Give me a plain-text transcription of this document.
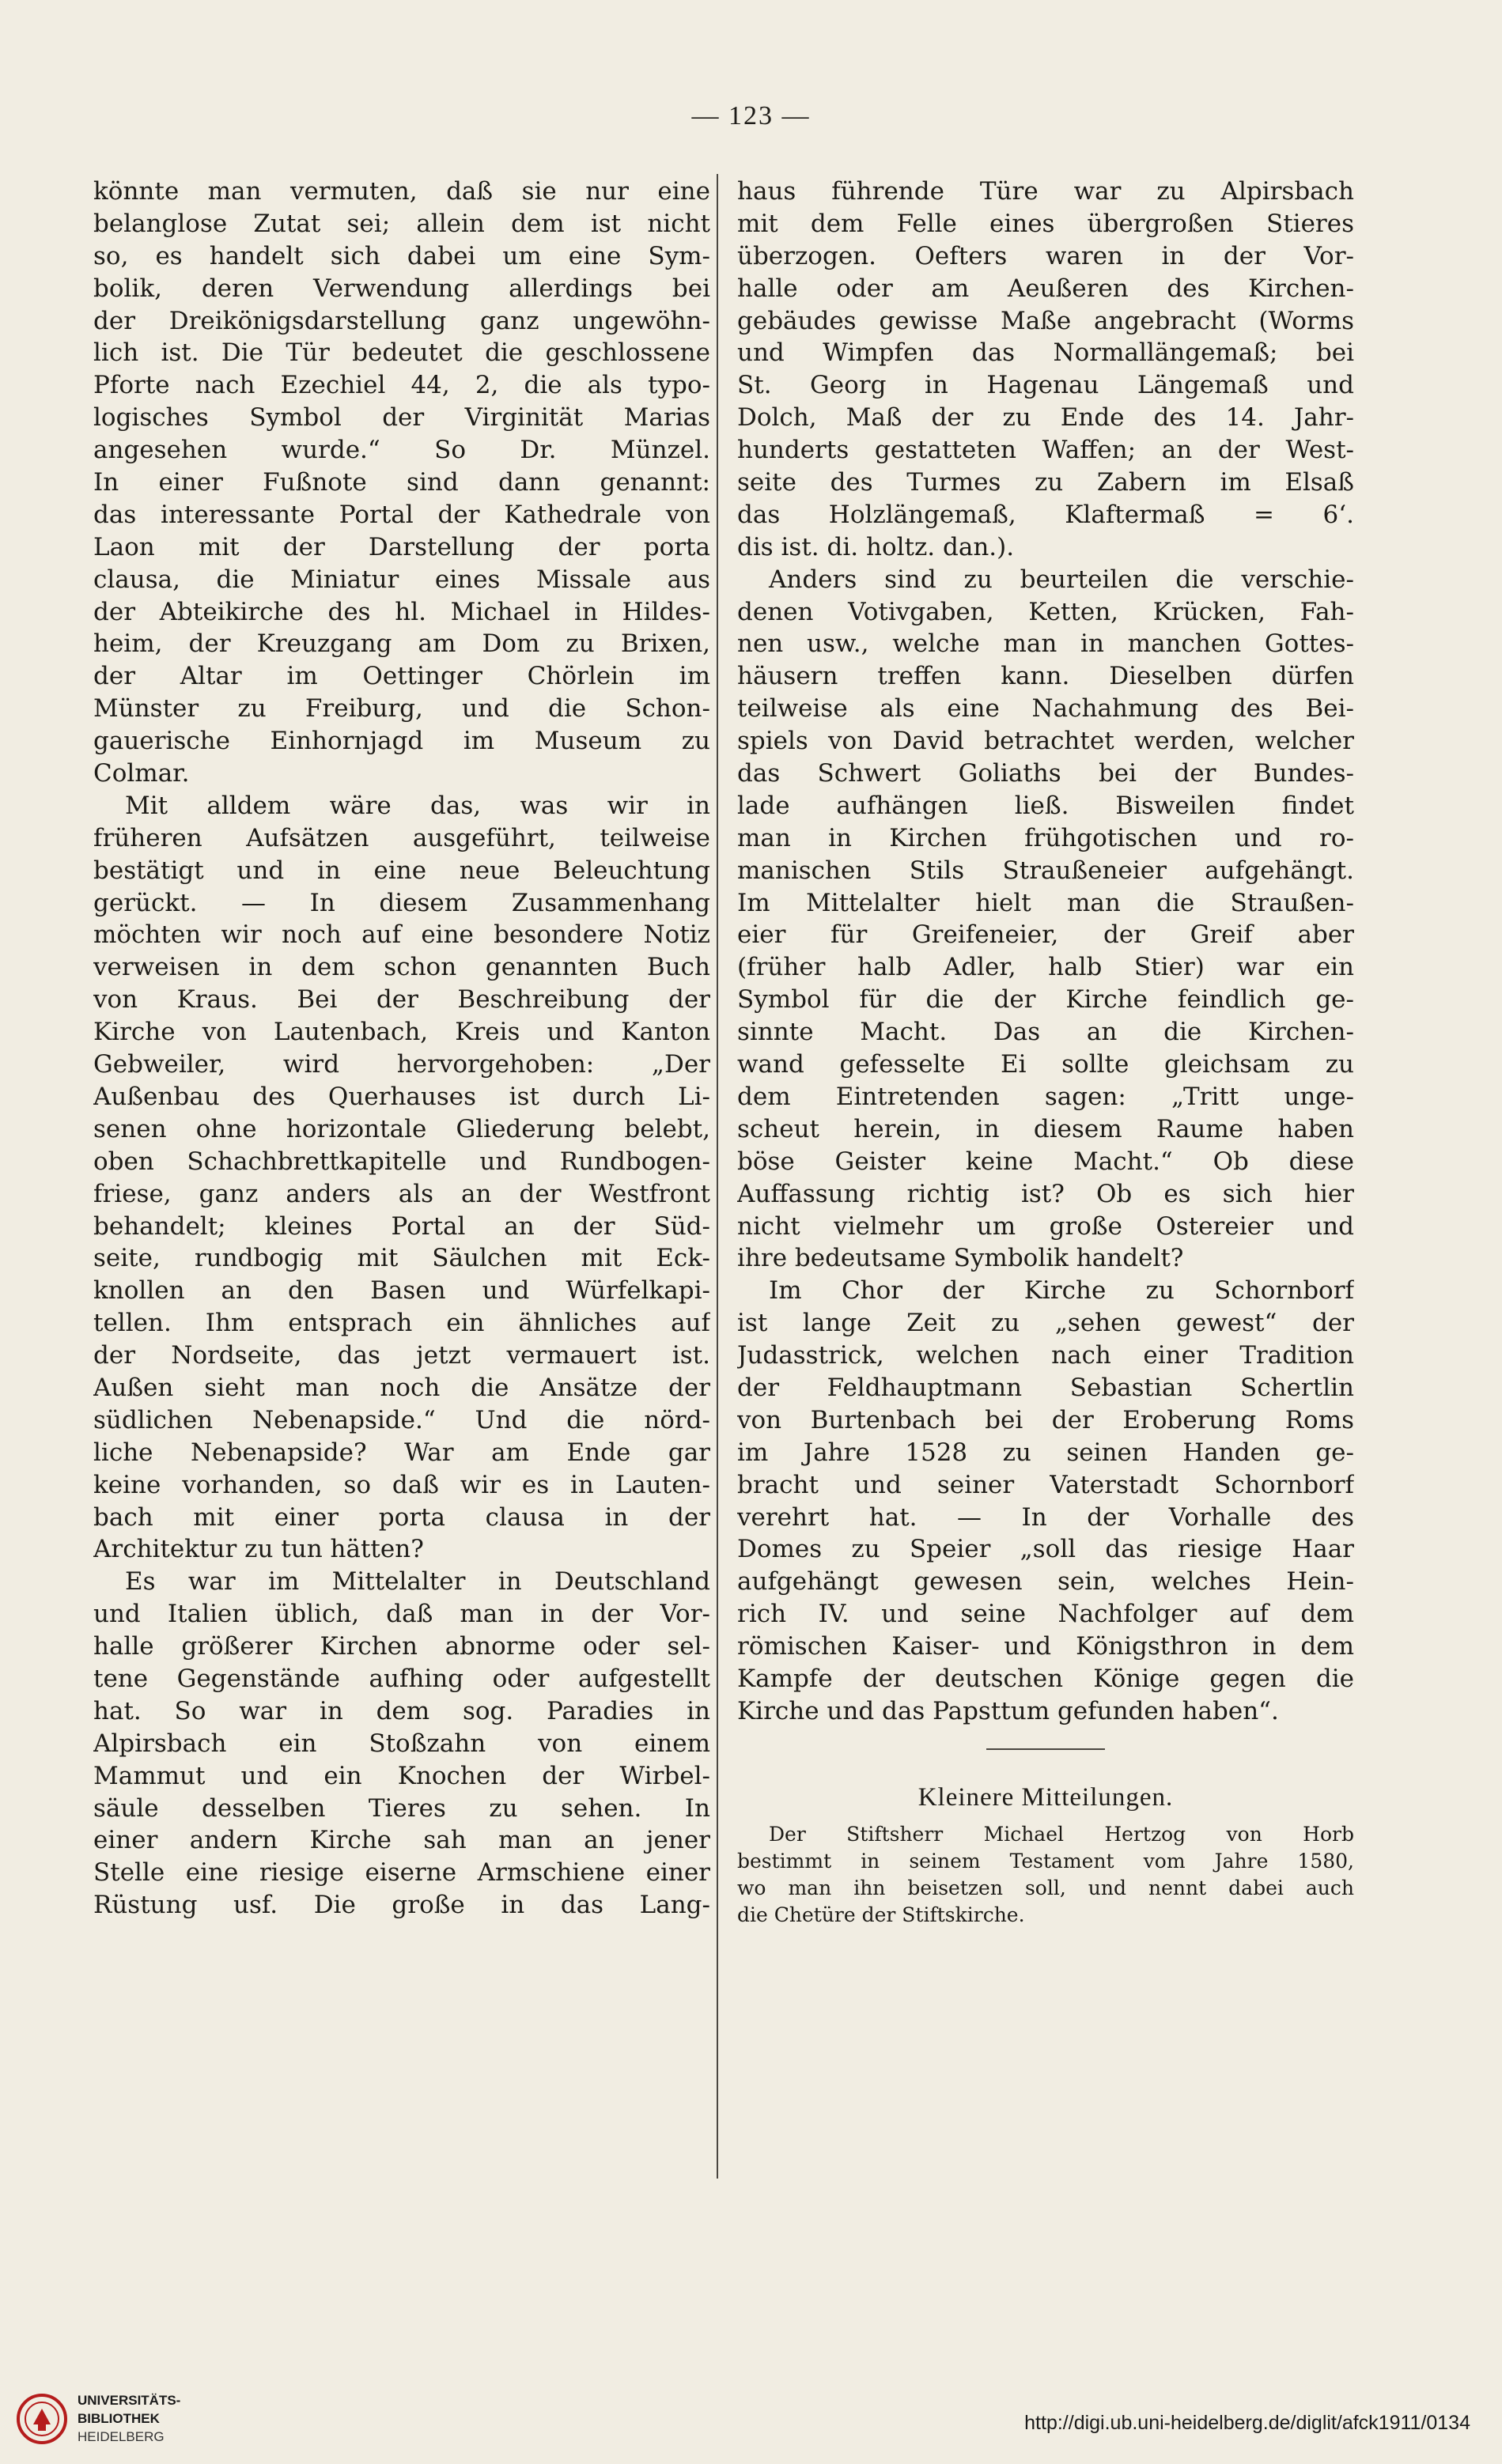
— 123 —
könnte man vermuten, daß sie nur eine
belanglose Zutat sei; allein dem ist nicht
so, es handelt sich dabei um eine Sym-
bolik, deren Verwendung allerdings bei
der Dreikönigsdarstellung ganz ungewöhn-
lich ist. Die Tür bedeutet die geschlossene
Pforte nach Ezechiel 44, 2, die als typo-
logisches Symbol der Virginität Marias
angesehen wurde.“ So Dr. Münzel.
In einer Fußnote sind dann genannt:
das interessante Portal der Kathedrale von
Laon mit der Darstellung der porta
clausa, die Miniatur eines Missale aus
der Abteikirche des hl. Michael in Hildes-
heim, der Kreuzgang am Dom zu Brixen,
der Altar im Oettinger Chörlein im
Münster zu Freiburg, und die Schon-
gauerische Einhornjagd im Museum zu
Colmar.
Mit alldem wäre das, was wir in
früheren Aufsätzen ausgeführt, teilweise
bestätigt und in eine neue Beleuchtung
gerückt. — In diesem Zusammenhang
möchten wir noch auf eine besondere Notiz
verweisen in dem schon genannten Buch
von Kraus. Bei der Beschreibung der
Kirche von Lautenbach, Kreis und Kanton
Gebweiler, wird hervorgehoben: „Der
Außenbau des Querhauses ist durch Li-
senen ohne horizontale Gliederung belebt,
oben Schachbrettkapitelle und Rundbogen-
friese, ganz anders als an der Westfront
behandelt; kleines Portal an der Süd-
seite, rundbogig mit Säulchen mit Eck-
knollen an den Basen und Würfelkapi-
tellen. Ihm entsprach ein ähnliches auf
der Nordseite, das jetzt vermauert ist.
Außen sieht man noch die Ansätze der
südlichen Nebenapside.“ Und die nörd-
liche Nebenapside? War am Ende gar
keine vorhanden, so daß wir es in Lauten-
bach mit einer porta clausa in der
Architektur zu tun hätten?
Es war im Mittelalter in Deutschland
und Italien üblich, daß man in der Vor-
halle größerer Kirchen abnorme oder sel-
tene Gegenstände aufhing oder aufgestellt
hat. So war in dem sog. Paradies in
Alpirsbach ein Stoßzahn von einem
Mammut und ein Knochen der Wirbel-
säule desselben Tieres zu sehen. In
einer andern Kirche sah man an jener
Stelle eine riesige eiserne Armschiene einer
Rüstung usf. Die große in das Lang-
haus führende Türe war zu Alpirsbach
mit dem Felle eines übergroßen Stieres
überzogen. Oefters waren in der Vor-
halle oder am Aeußeren des Kirchen-
gebäudes gewisse Maße angebracht (Worms
und Wimpfen das Normallängemaß; bei
St. Georg in Hagenau Längemaß und
Dolch, Maß der zu Ende des 14. Jahr-
hunderts gestatteten Waffen; an der West-
seite des Turmes zu Zabern im Elsaß
das Holzlängemaß, Klaftermaß = 6‘.
dis ist. di. holtz. dan.).
Anders sind zu beurteilen die verschie-
denen Votivgaben, Ketten, Krücken, Fah-
nen usw., welche man in manchen Gottes-
häusern treffen kann. Dieselben dürfen
teilweise als eine Nachahmung des Bei-
spiels von David betrachtet werden, welcher
das Schwert Goliaths bei der Bundes-
lade aufhängen ließ. Bisweilen findet
man in Kirchen frühgotischen und ro-
manischen Stils Straußeneier aufgehängt.
Im Mittelalter hielt man die Straußen-
eier für Greifeneier, der Greif aber
(früher halb Adler, halb Stier) war ein
Symbol für die der Kirche feindlich ge-
sinnte Macht. Das an die Kirchen-
wand gefesselte Ei sollte gleichsam zu
dem Eintretenden sagen: „Tritt unge-
scheut herein, in diesem Raume haben
böse Geister keine Macht.“ Ob diese
Auffassung richtig ist? Ob es sich hier
nicht vielmehr um große Ostereier und
ihre bedeutsame Symbolik handelt?
Im Chor der Kirche zu Schornborf
ist lange Zeit zu „sehen gewest“ der
Judasstrick, welchen nach einer Tradition
der Feldhauptmann Sebastian Schertlin
von Burtenbach bei der Eroberung Roms
im Jahre 1528 zu seinen Handen ge-
bracht und seiner Vaterstadt Schornborf
verehrt hat. — In der Vorhalle des
Domes zu Speier „soll das riesige Haar
aufgehängt gewesen sein, welches Hein-
rich IV. und seine Nachfolger auf dem
römischen Kaiser- und Königsthron in dem
Kampfe der deutschen Könige gegen die
Kirche und das Papsttum gefunden haben“.
Kleinere Mitteilungen.
Der Stiftsherr Michael Hertzog von Horb
bestimmt in seinem Testament vom Jahre 1580,
wo man ihn beisetzen soll, und nennt dabei auch
die Chetüre der Stiftskirche.
UNIVERSITÄTS-
BIBLIOTHEK
HEIDELBERG
http://digi.ub.uni-heidelberg.de/diglit/afck1911/0134
